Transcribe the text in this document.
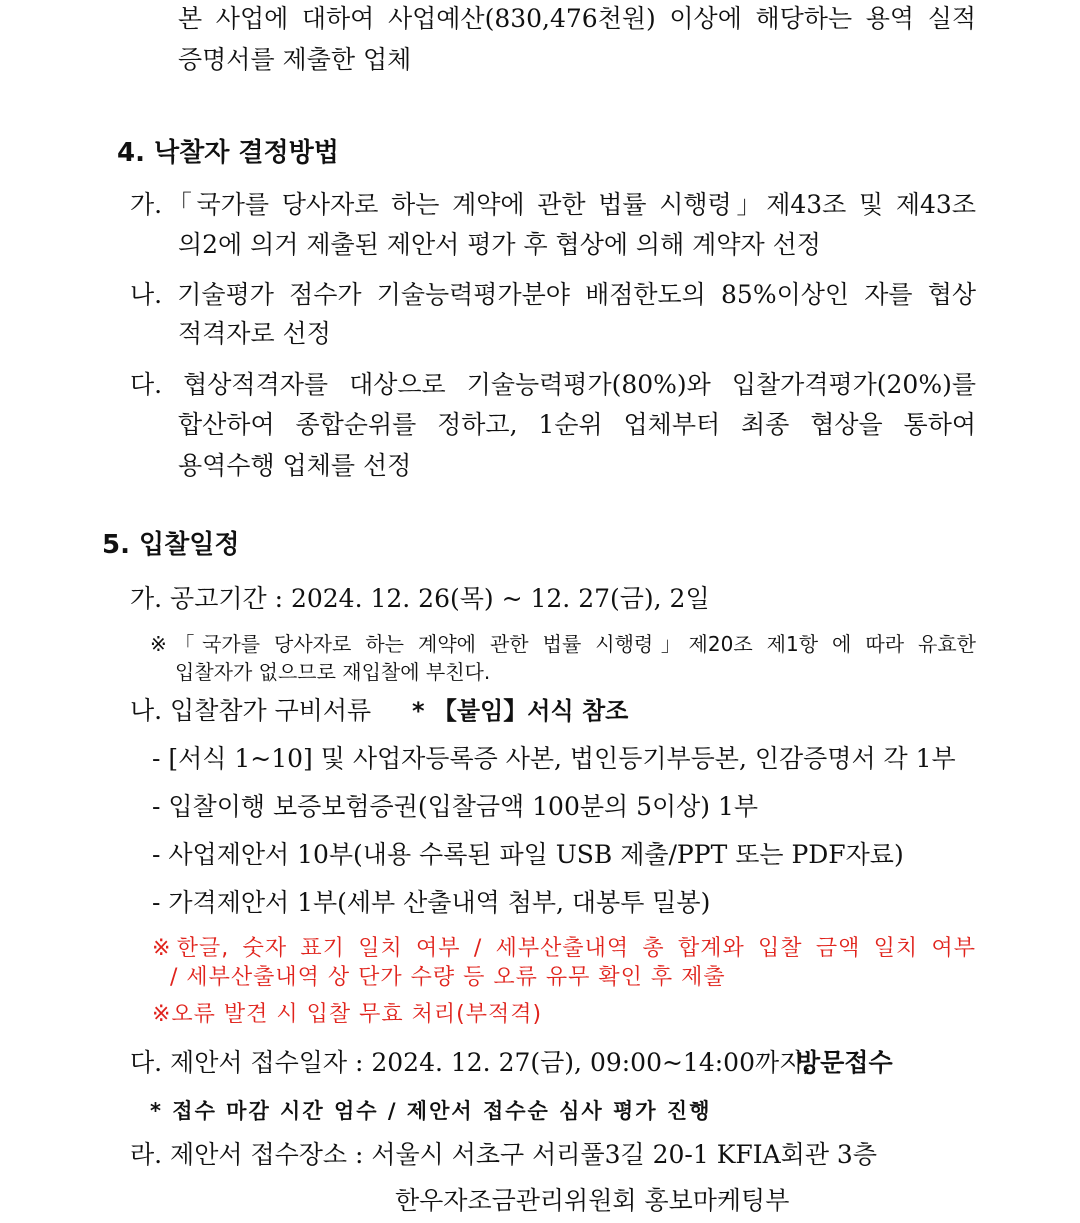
본 사업에 대하여 사업예산(830,476천원) 이상에 해당하는 용역 실적
증명서를 제출한 업체
4. 낙찰자 결정방법
가.「국가를 당사자로 하는 계약에 관한 법률 시행령」제43조 및 제43조
의2에 의거 제출된 제안서 평가 후 협상에 의해 계약자 선정
나. 기술평가 점수가 기술능력평가분야 배점한도의 85%이상인 자를 협상
적격자로 선정
다. 협상적격자를 대상으로 기술능력평가(80%)와 입찰가격평가(20%)를
합산하여 종합순위를 정하고, 1순위 업체부터 최종 협상을 통하여
용역수행 업체를 선정
5. 입찰일정
가. 공고기간 : 2024. 12. 26(목) ~ 12. 27(금), 2일
※「국가를 당사자로 하는 계약에 관한 법률 시행령」제20조 제1항 에 따라 유효한
입찰자가 없으므로 재입찰에 부친다.
나. 입찰참가 구비서류 * 【붙임】서식 참조
- [서식 1~10] 및 사업자등록증 사본, 법인등기부등본, 인감증명서 각 1부
- 입찰이행 보증보험증권(입찰금액 100분의 5이상) 1부
- 사업제안서 10부(내용 수록된 파일 USB 제출/PPT 또는 PDF자료)
- 가격제안서 1부(세부 산출내역 첨부, 대봉투 밀봉)
※한글, 숫자 표기 일치 여부 / 세부산출내역 총 합계와 입찰 금액 일치 여부
/ 세부산출내역 상 단가 수량 등 오류 유무 확인 후 제출
※오류 발견 시 입찰 무효 처리(부적격)
다. 제안서 접수일자 : 2024. 12. 27(금), 09:00~14:00까지,
방문접수
* 접수 마감 시간 엄수 / 제안서 접수순 심사 평가 진행
라. 제안서 접수장소 : 서울시 서초구 서리풀3길 20-1 KFIA회관 3층
한우자조금관리위원회 홍보마케팅부
